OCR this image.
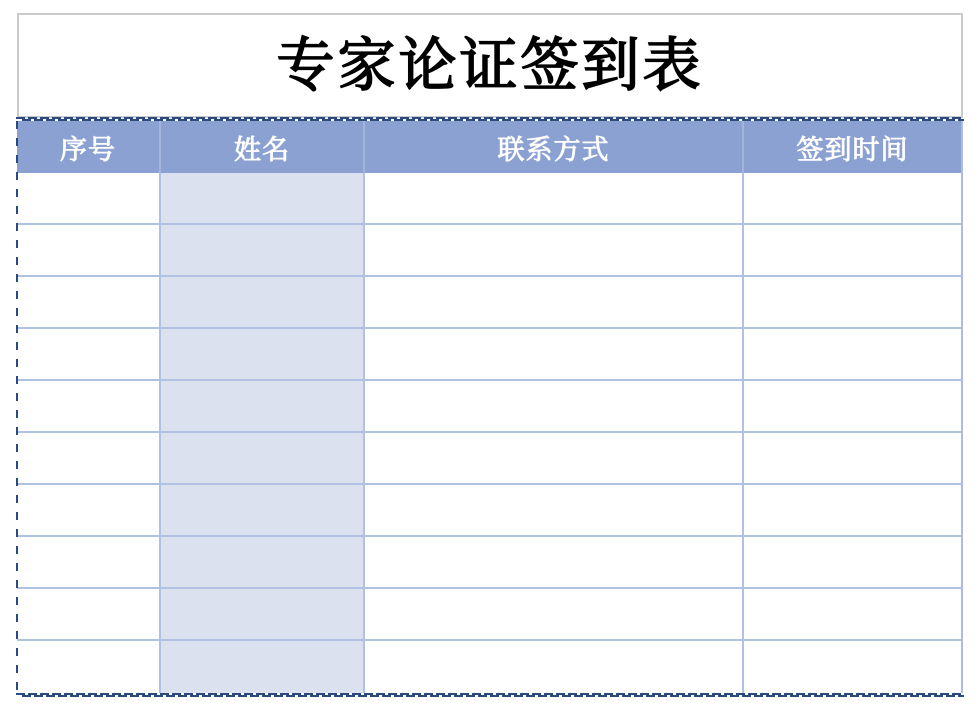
专家论证签到表
序号	姓名	联系方式	签到时间
